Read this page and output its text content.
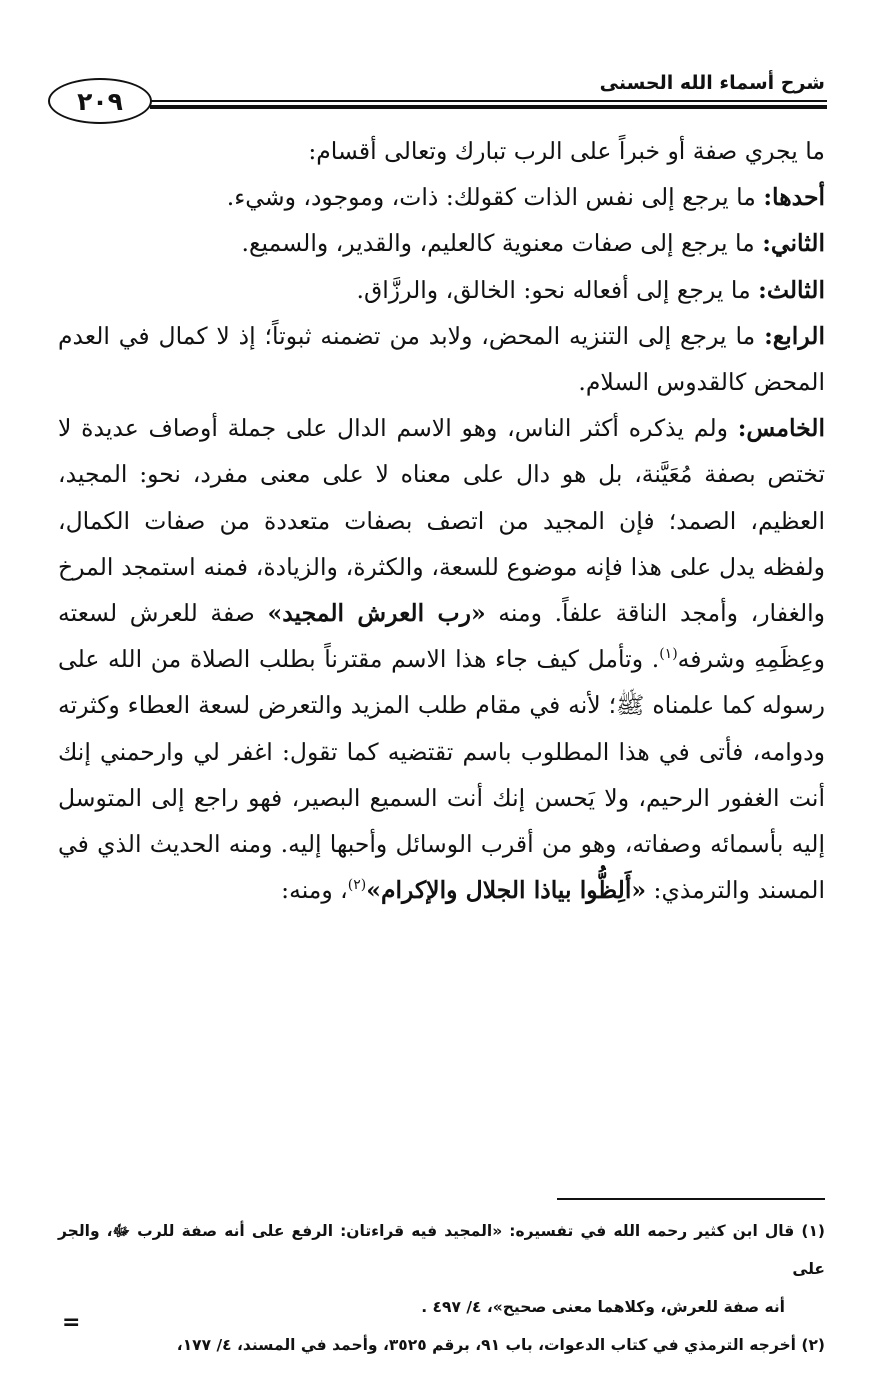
شرح أسماء الله الحسنى
٢٠٩

ما يجري صفة أو خبراً على الرب تبارك وتعالى أقسام:

أحدها: ما يرجع إلى نفس الذات كقولك: ذات، وموجود، وشيء.

الثاني: ما يرجع إلى صفات معنوية كالعليم، والقدير، والسميع.

الثالث: ما يرجع إلى أفعاله نحو: الخالق، والرزَّاق.

الرابع: ما يرجع إلى التنزيه المحض، ولابد من تضمنه ثبوتاً؛ إذ لا كمال في العدم المحض كالقدوس السلام.

الخامس: ولم يذكره أكثر الناس، وهو الاسم الدال على جملة أوصاف عديدة لا تختص بصفة مُعَيَّنة، بل هو دال على معناه لا على معنى مفرد، نحو: المجيد، العظيم، الصمد؛ فإن المجيد من اتصف بصفات متعددة من صفات الكمال، ولفظه يدل على هذا فإنه موضوع للسعة، والكثرة، والزيادة، فمنه استمجد المرخ والغفار، وأمجد الناقة علفاً. ومنه «رب العرش المجيد» صفة للعرش لسعته وعِظَمِهِ وشرفه$^{(١)}$. وتأمل كيف جاء هذا الاسم مقترناً بطلب الصلاة من الله على رسوله كما علمناه ﷺ؛ لأنه في مقام طلب المزيد والتعرض لسعة العطاء وكثرته ودوامه، فأتى في هذا المطلوب باسم تقتضيه كما تقول: اغفر لي وارحمني إنك أنت الغفور الرحيم، ولا يَحسن إنك أنت السميع البصير، فهو راجع إلى المتوسل إليه بأسمائه وصفاته، وهو من أقرب الوسائل وأحبها إليه. ومنه الحديث الذي في المسند والترمذي: «أَلِظُّوا بياذا الجلال والإكرام»$^{(٢)}$، ومنه:

(١) قال ابن كثير رحمه الله في تفسيره: «المجيد فيه قراءتان: الرفع على أنه صفة للرب ﷻ، والجر على

أنه صفة للعرش، وكلاهما معنى صحيح»، ٤/ ٤٩٧ .

(٢) أخرجه الترمذي في كتاب الدعوات، باب ٩١، برقم ٣٥٢٥، وأحمد في المسند، ٤/ ١٧٧،

=
